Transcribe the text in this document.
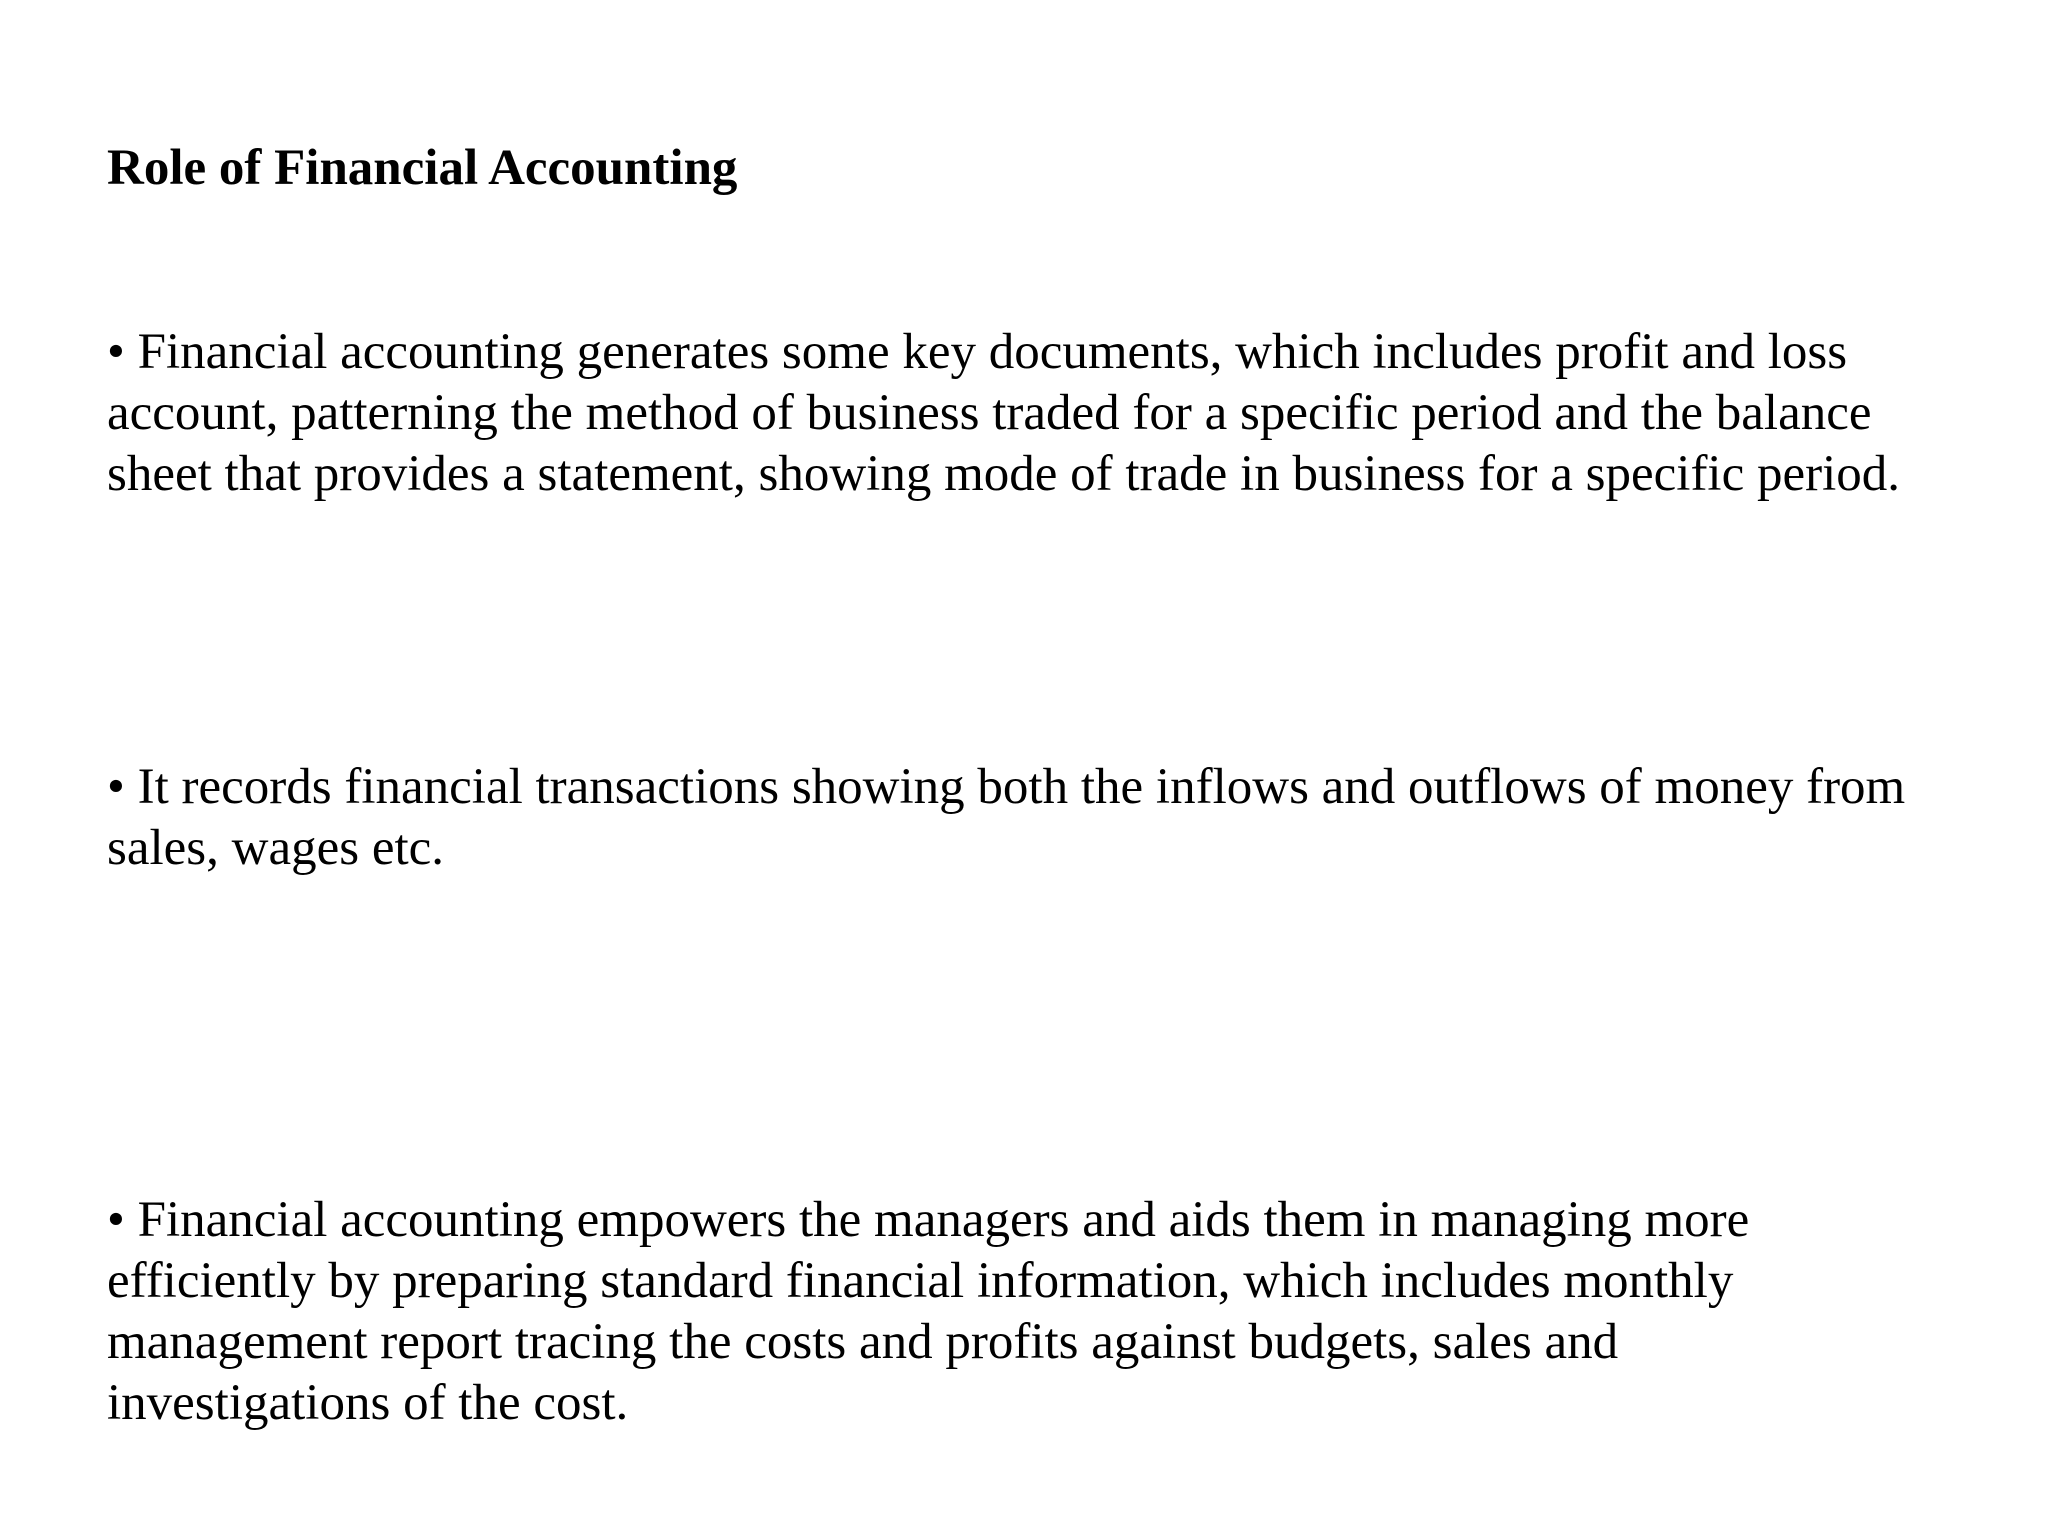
Role of Financial Accounting

• Financial accounting generates some key documents, which includes profit and loss
account, patterning the method of business traded for a specific period and the balance
sheet that provides a statement, showing mode of trade in business for a specific period.

• It records financial transactions showing both the inflows and outflows of money from
sales, wages etc.

• Financial accounting empowers the managers and aids them in managing more
efficiently by preparing standard financial information, which includes monthly
management report tracing the costs and profits against budgets, sales and
investigations of the cost.
